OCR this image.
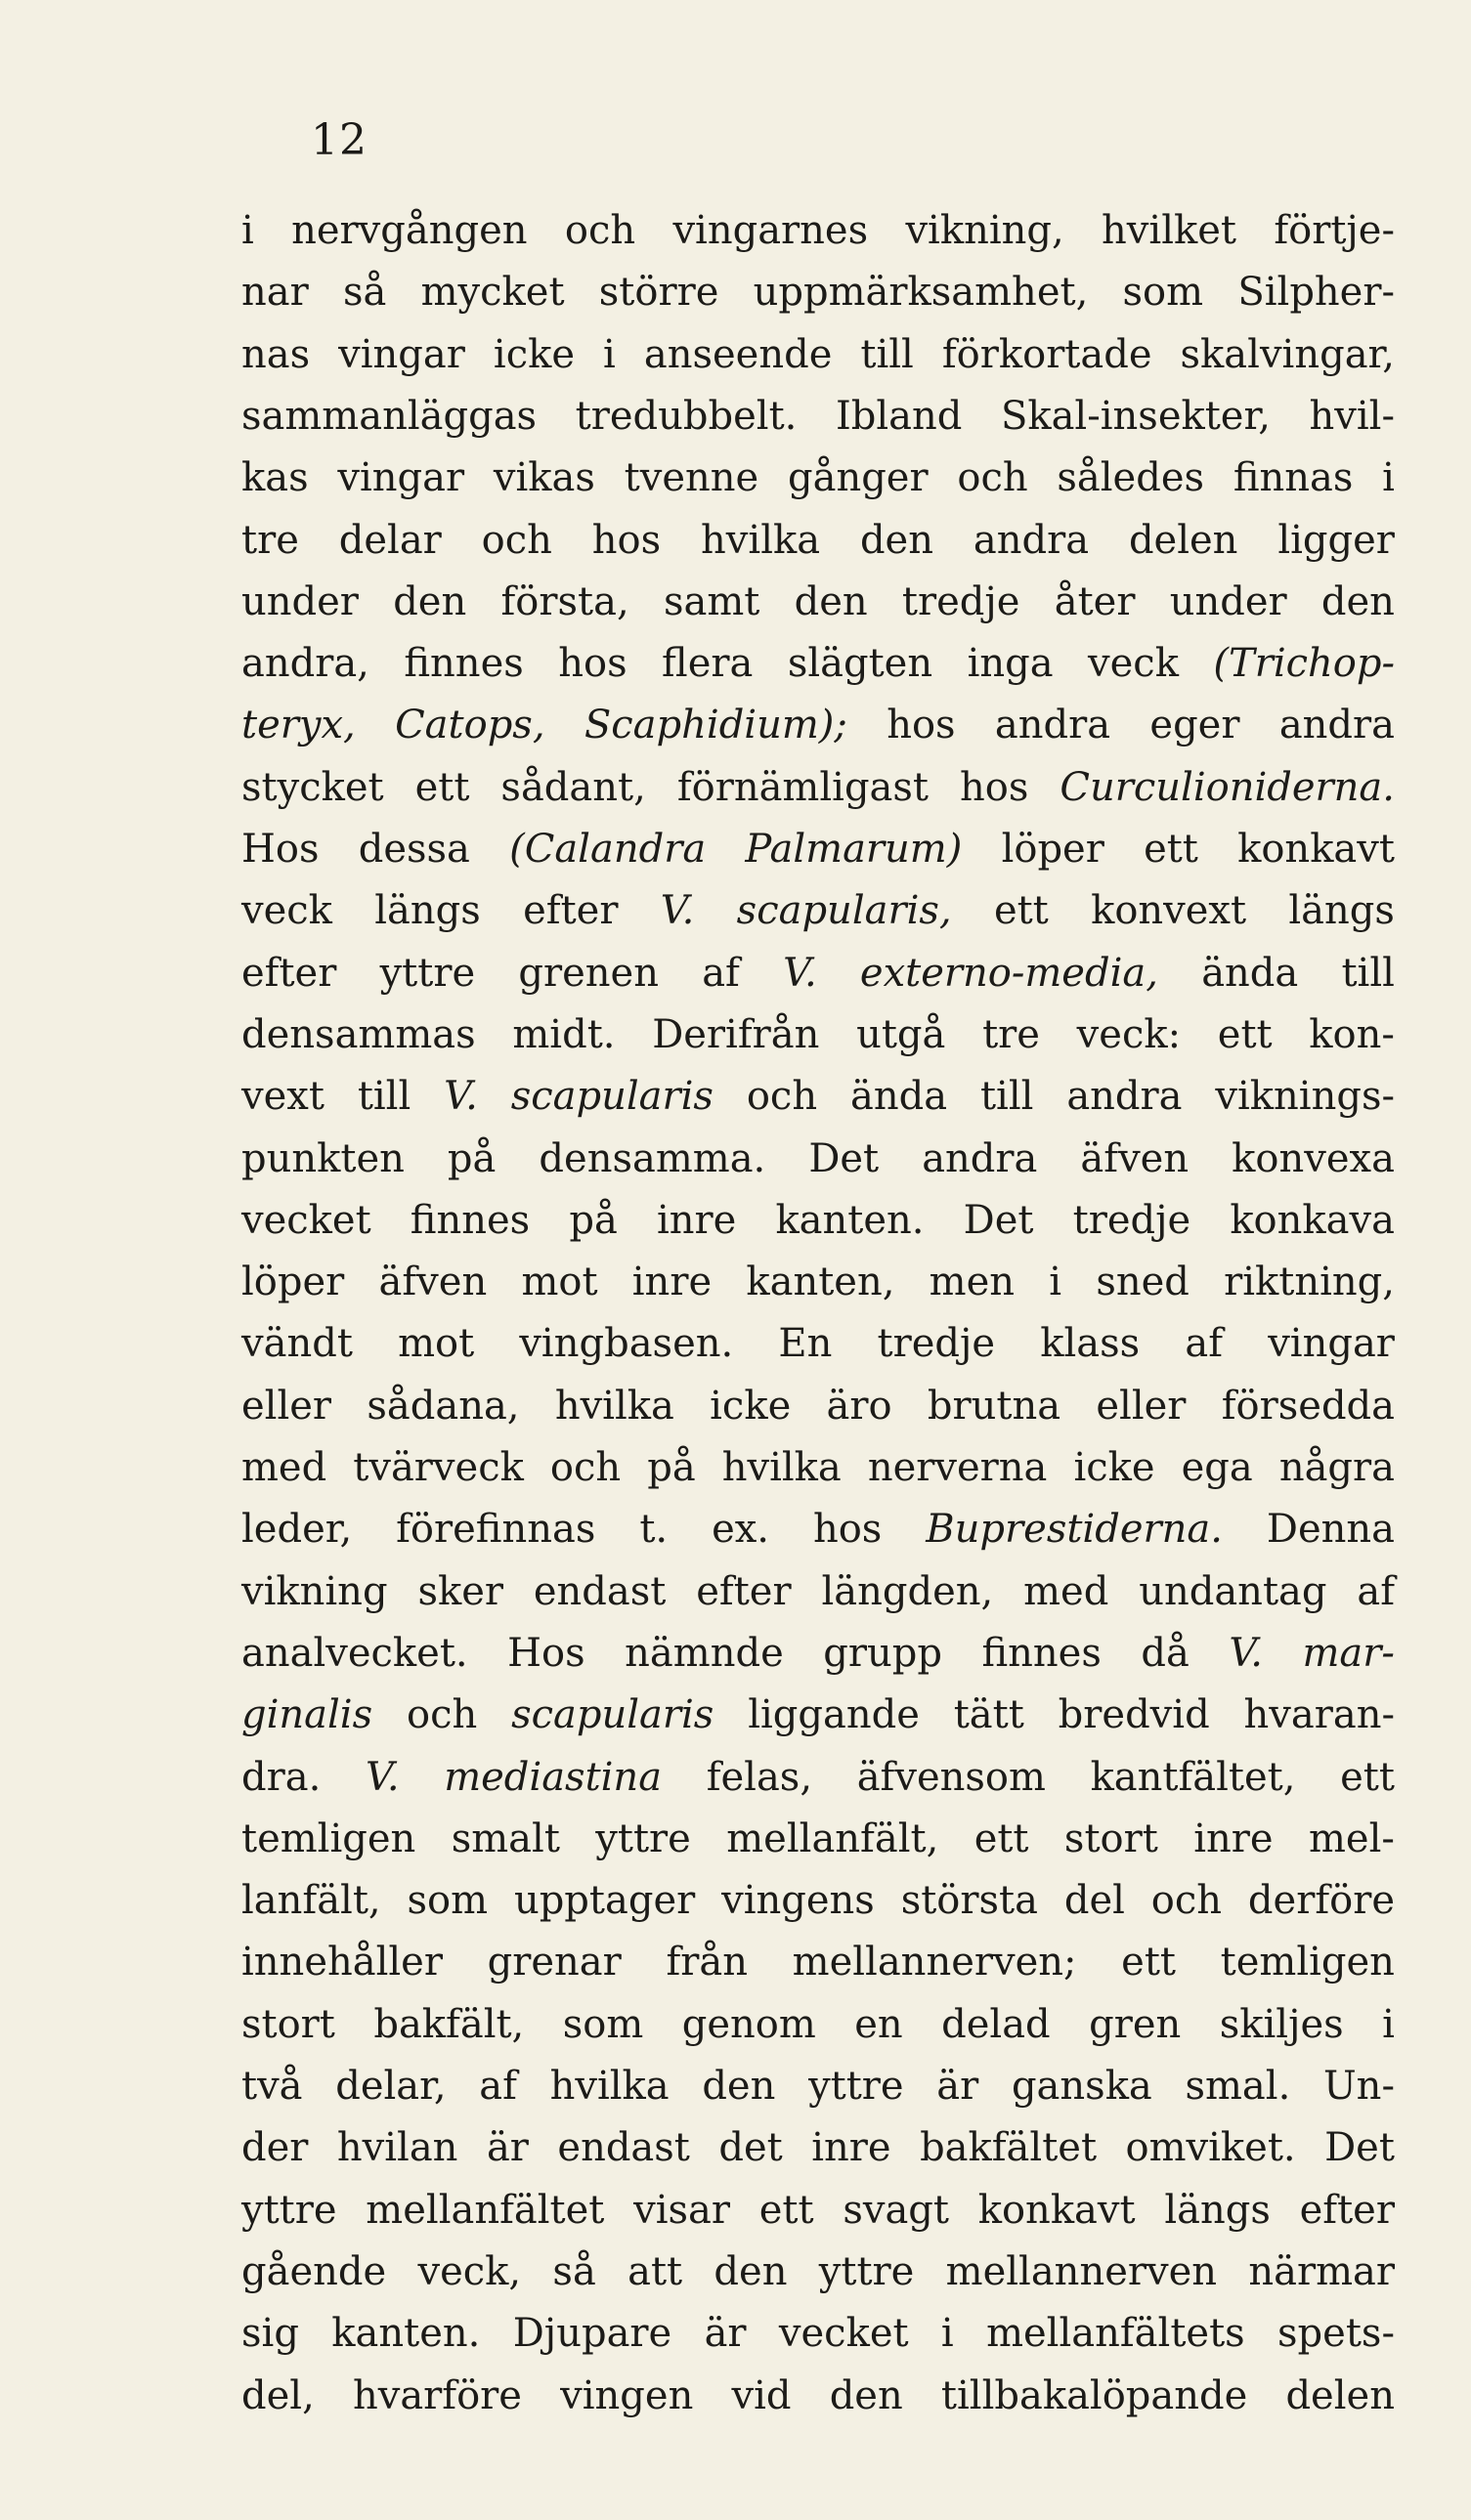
12
i nervgången och vingarnes vikning, hvilket förtje-
nar så mycket större uppmärksamhet, som Silpher-
nas vingar icke i anseende till förkortade skalvingar,
sammanläggas tredubbelt. Ibland Skal-insekter, hvil-
kas vingar vikas tvenne gånger och således finnas i
tre delar och hos hvilka den andra delen ligger
under den första, samt den tredje åter under den
andra, finnes hos flera slägten inga veck (Trichop-
teryx, Catops, Scaphidium); hos andra eger andra
stycket ett sådant, förnämligast hos Curculioniderna.
Hos dessa (Calandra Palmarum) löper ett konkavt
veck längs efter V. scapularis, ett konvext längs
efter yttre grenen af V. externo-media, ända till
densammas midt. Derifrån utgå tre veck: ett kon-
vext till V. scapularis och ända till andra viknings-
punkten på densamma. Det andra äfven konvexa
vecket finnes på inre kanten. Det tredje konkava
löper äfven mot inre kanten, men i sned riktning,
vändt mot vingbasen. En tredje klass af vingar
eller sådana, hvilka icke äro brutna eller försedda
med tvärveck och på hvilka nerverna icke ega några
leder, förefinnas t. ex. hos Buprestiderna. Denna
vikning sker endast efter längden, med undantag af
analvecket. Hos nämnde grupp finnes då V. mar-
ginalis och scapularis liggande tätt bredvid hvaran-
dra. V. mediastina felas, äfvensom kantfältet, ett
temligen smalt yttre mellanfält, ett stort inre mel-
lanfält, som upptager vingens största del och derföre
innehåller grenar från mellannerven; ett temligen
stort bakfält, som genom en delad gren skiljes i
två delar, af hvilka den yttre är ganska smal. Un-
der hvilan är endast det inre bakfältet omviket. Det
yttre mellanfältet visar ett svagt konkavt längs efter
gående veck, så att den yttre mellannerven närmar
sig kanten. Djupare är vecket i mellanfältets spets-
del, hvarföre vingen vid den tillbakalöpande delen
